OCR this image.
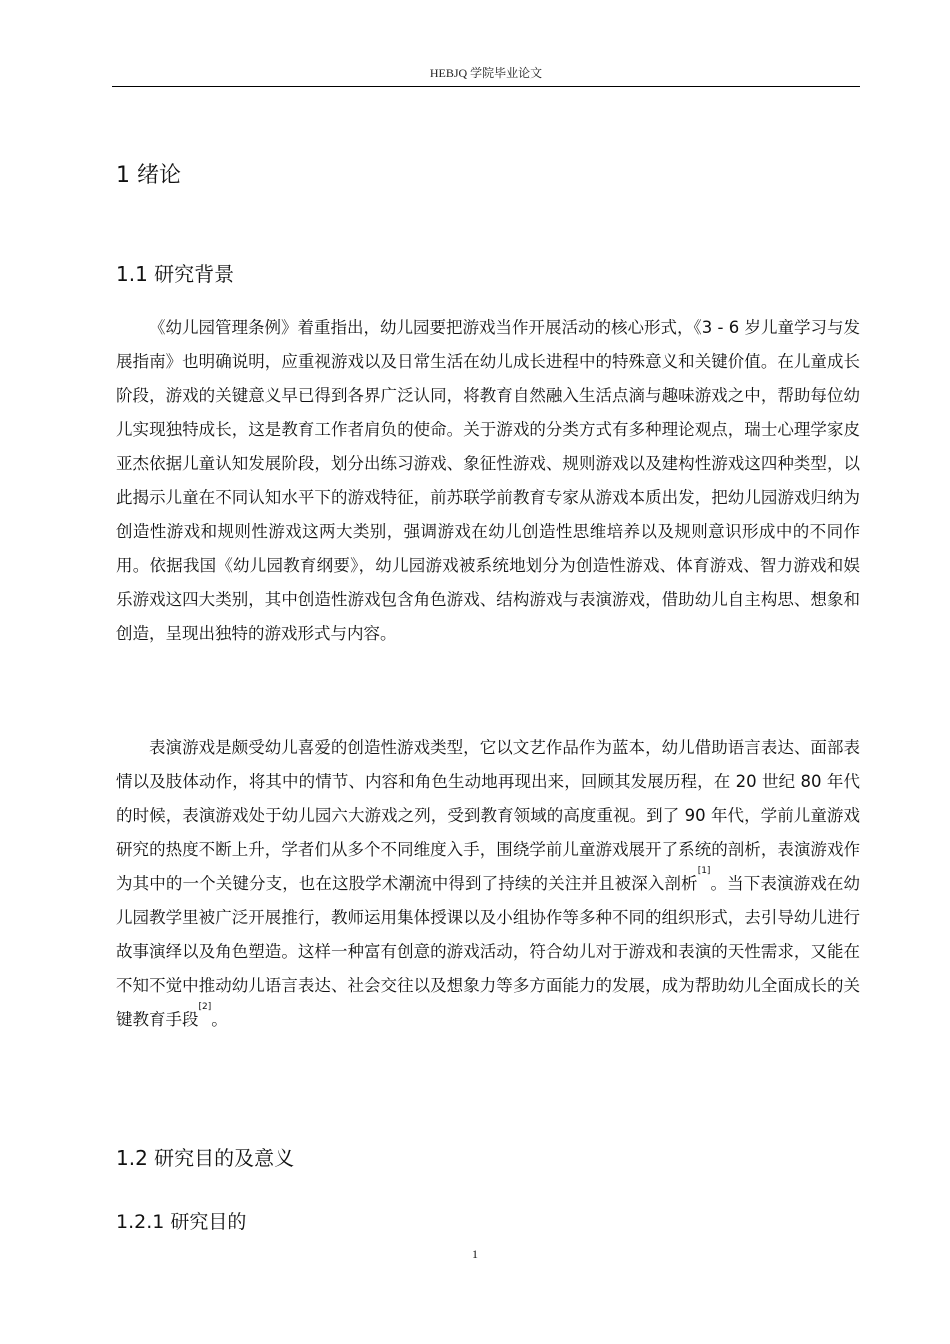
HEBJQ 学院毕业论文
1 绪论
1.1 研究背景

《幼儿园管理条例》着重指出，幼儿园要把游戏当作开展活动的核心形式，《3 - 6 岁儿童学习与发展指南》也明确说明，应重视游戏以及日常生活在幼儿成长进程中的特殊意义和关键价值。在儿童成长阶段，游戏的关键意义早已得到各界广泛认同，将教育自然融入生活点滴与趣味游戏之中，帮助每位幼儿实现独特成长，这是教育工作者肩负的使命。关于游戏的分类方式有多种理论观点，瑞士心理学家皮亚杰依据儿童认知发展阶段，划分出练习游戏、象征性游戏、规则游戏以及建构性游戏这四种类型，以此揭示儿童在不同认知水平下的游戏特征，前苏联学前教育专家从游戏本质出发，把幼儿园游戏归纳为创造性游戏和规则性游戏这两大类别，强调游戏在幼儿创造性思维培养以及规则意识形成中的不同作用。依据我国《幼儿园教育纲要》，幼儿园游戏被系统地划分为创造性游戏、体育游戏、智力游戏和娱乐游戏这四大类别，其中创造性游戏包含角色游戏、结构游戏与表演游戏，借助幼儿自主构思、想象和创造，呈现出独特的游戏形式与内容。

表演游戏是颇受幼儿喜爱的创造性游戏类型，它以文艺作品作为蓝本，幼儿借助语言表达、面部表情以及肢体动作，将其中的情节、内容和角色生动地再现出来，回顾其发展历程，在 20 世纪 80 年代的时候，表演游戏处于幼儿园六大游戏之列，受到教育领域的高度重视。到了 90 年代，学前儿童游戏研究的热度不断上升，学者们从多个不同维度入手，围绕学前儿童游戏展开了系统的剖析，表演游戏作为其中的一个关键分支，也在这股学术潮流中得到了持续的关注并且被深入剖析[1]。当下表演游戏在幼儿园教学里被广泛开展推行，教师运用集体授课以及小组协作等多种不同的组织形式，去引导幼儿进行故事演绎以及角色塑造。这样一种富有创意的游戏活动，符合幼儿对于游戏和表演的天性需求，又能在不知不觉中推动幼儿语言表达、社会交往以及想象力等多方面能力的发展，成为帮助幼儿全面成长的关键教育手段[2]。

1.2 研究目的及意义
1.2.1 研究目的
1
